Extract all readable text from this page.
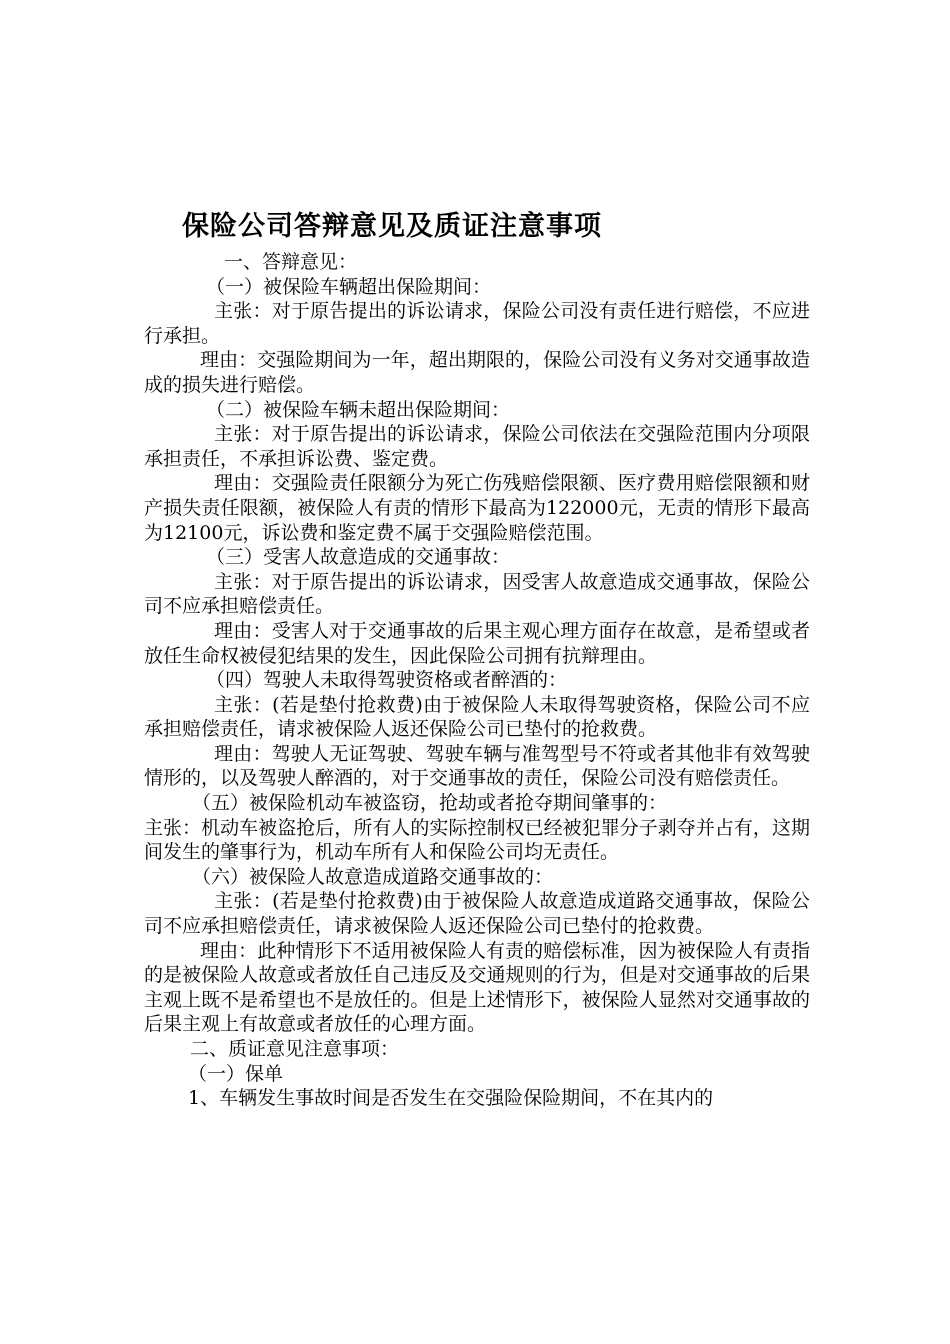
保险公司答辩意见及质证注意事项

一、答辩意见：

（一）被保险车辆超出保险期间：

主张：对于原告提出的诉讼请求，保险公司没有责任进行赔偿，不应进行承担。

理由：交强险期间为一年，超出期限的，保险公司没有义务对交通事故造成的损失进行赔偿。

（二）被保险车辆未超出保险期间：

主张：对于原告提出的诉讼请求，保险公司依法在交强险范围内分项限承担责任，不承担诉讼费、鉴定费。

理由：交强险责任限额分为死亡伤残赔偿限额、医疗费用赔偿限额和财产损失责任限额，被保险人有责的情形下最高为122000元，无责的情形下最高为12100元，诉讼费和鉴定费不属于交强险赔偿范围。

（三）受害人故意造成的交通事故：

主张：对于原告提出的诉讼请求，因受害人故意造成交通事故，保险公司不应承担赔偿责任。

理由：受害人对于交通事故的后果主观心理方面存在故意，是希望或者放任生命权被侵犯结果的发生，因此保险公司拥有抗辩理由。

（四）驾驶人未取得驾驶资格或者醉酒的：

主张：(若是垫付抢救费)由于被保险人未取得驾驶资格，保险公司不应承担赔偿责任，请求被保险人返还保险公司已垫付的抢救费。

理由：驾驶人无证驾驶、驾驶车辆与准驾型号不符或者其他非有效驾驶情形的，以及驾驶人醉酒的，对于交通事故的责任，保险公司没有赔偿责任。

（五）被保险机动车被盗窃，抢劫或者抢夺期间肇事的：

主张：机动车被盗抢后，所有人的实际控制权已经被犯罪分子剥夺并占有，这期间发生的肇事行为，机动车所有人和保险公司均无责任。

（六）被保险人故意造成道路交通事故的：

主张：(若是垫付抢救费)由于被保险人故意造成道路交通事故，保险公司不应承担赔偿责任，请求被保险人返还保险公司已垫付的抢救费。

理由：此种情形下不适用被保险人有责的赔偿标准，因为被保险人有责指的是被保险人故意或者放任自己违反及交通规则的行为，但是对交通事故的后果主观上既不是希望也不是放任的。但是上述情形下，被保险人显然对交通事故的后果主观上有故意或者放任的心理方面。

二、质证意见注意事项：

（一）保单

1、车辆发生事故时间是否发生在交强险保险期间，不在其内的
